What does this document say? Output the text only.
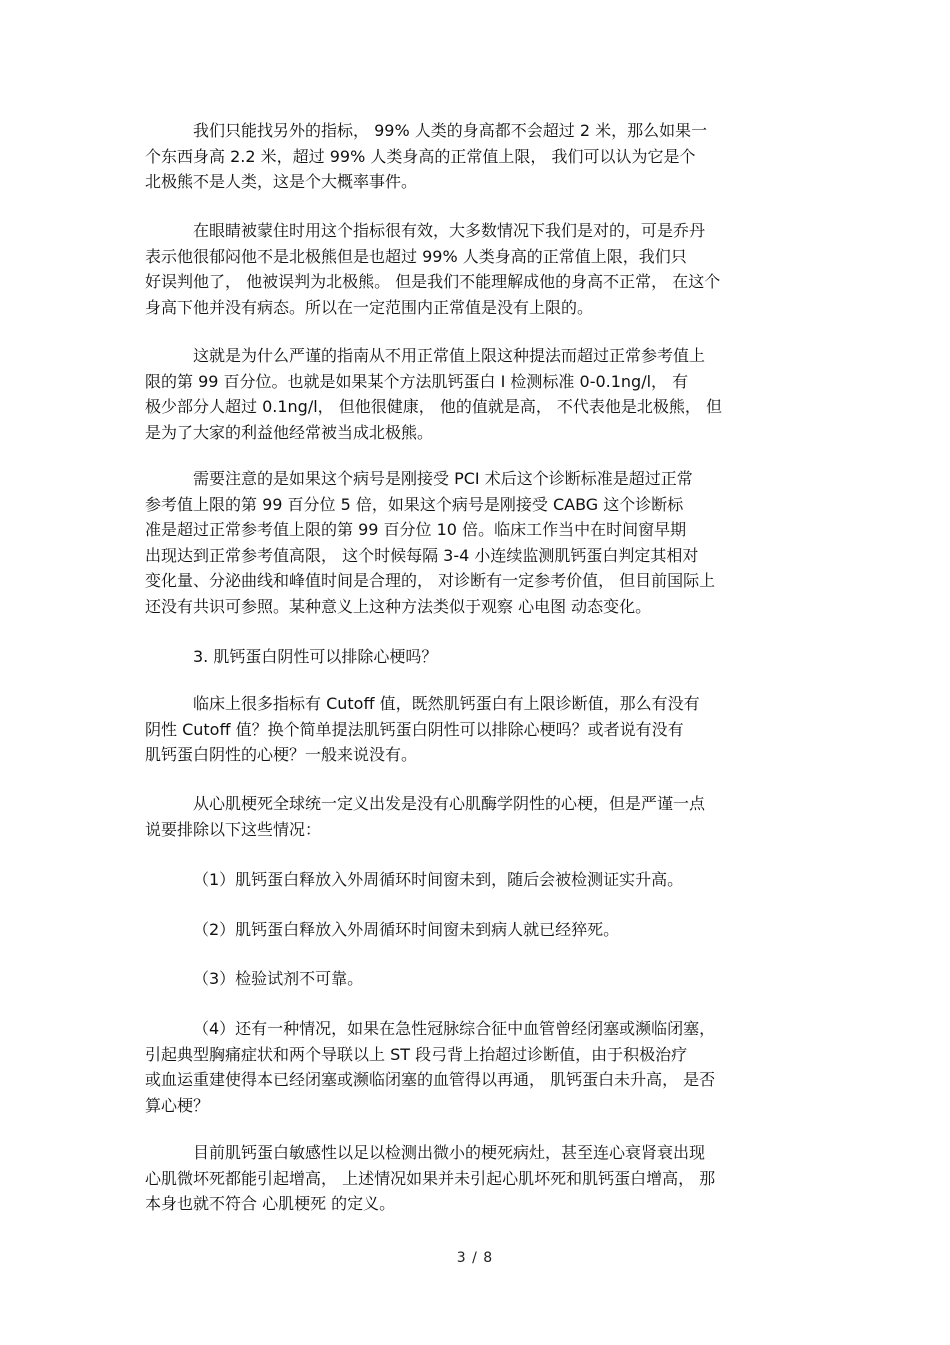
我们只能找另外的指标， 99% 人类的身高都不会超过 2 米，那么如果一
个东西身高 2.2 米，超过 99% 人类身高的正常值上限， 我们可以认为它是个
北极熊不是人类，这是个大概率事件。
在眼睛被蒙住时用这个指标很有效，大多数情况下我们是对的，可是乔丹
表示他很郁闷他不是北极熊但是也超过 99% 人类身高的正常值上限，我们只
好误判他了， 他被误判为北极熊。 但是我们不能理解成他的身高不正常， 在这个
身高下他并没有病态。所以在一定范围内正常值是没有上限的。
这就是为什么严谨的指南从不用正常值上限这种提法而超过正常参考值上
限的第 99 百分位。也就是如果某个方法肌钙蛋白 I 检测标准 0-0.1ng/l， 有
极少部分人超过 0.1ng/l， 但他很健康， 他的值就是高， 不代表他是北极熊， 但
是为了大家的利益他经常被当成北极熊。
需要注意的是如果这个病号是刚接受 PCI 术后这个诊断标准是超过正常
参考值上限的第 99 百分位 5 倍，如果这个病号是刚接受 CABG 这个诊断标
准是超过正常参考值上限的第 99 百分位 10 倍。临床工作当中在时间窗早期
出现达到正常参考值高限， 这个时候每隔 3-4 小连续监测肌钙蛋白判定其相对
变化量、分泌曲线和峰值时间是合理的， 对诊断有一定参考价值， 但目前国际上
还没有共识可参照。某种意义上这种方法类似于观察 心电图 动态变化。
3. 肌钙蛋白阴性可以排除心梗吗？
临床上很多指标有 Cutoff 值，既然肌钙蛋白有上限诊断值，那么有没有
阴性 Cutoff 值？换个简单提法肌钙蛋白阴性可以排除心梗吗？或者说有没有
肌钙蛋白阴性的心梗？一般来说没有。
从心肌梗死全球统一定义出发是没有心肌酶学阴性的心梗，但是严谨一点
说要排除以下这些情况：
（1）肌钙蛋白释放入外周循环时间窗未到，随后会被检测证实升高。
（2）肌钙蛋白释放入外周循环时间窗未到病人就已经猝死。
（3）检验试剂不可靠。
（4）还有一种情况，如果在急性冠脉综合征中血管曾经闭塞或濒临闭塞，
引起典型胸痛症状和两个导联以上 ST 段弓背上抬超过诊断值，由于积极治疗
或血运重建使得本已经闭塞或濒临闭塞的血管得以再通， 肌钙蛋白未升高， 是否
算心梗？
目前肌钙蛋白敏感性以足以检测出微小的梗死病灶，甚至连心衰肾衰出现
心肌微坏死都能引起增高， 上述情况如果并未引起心肌坏死和肌钙蛋白增高， 那
本身也就不符合 心肌梗死 的定义。
3 / 8
